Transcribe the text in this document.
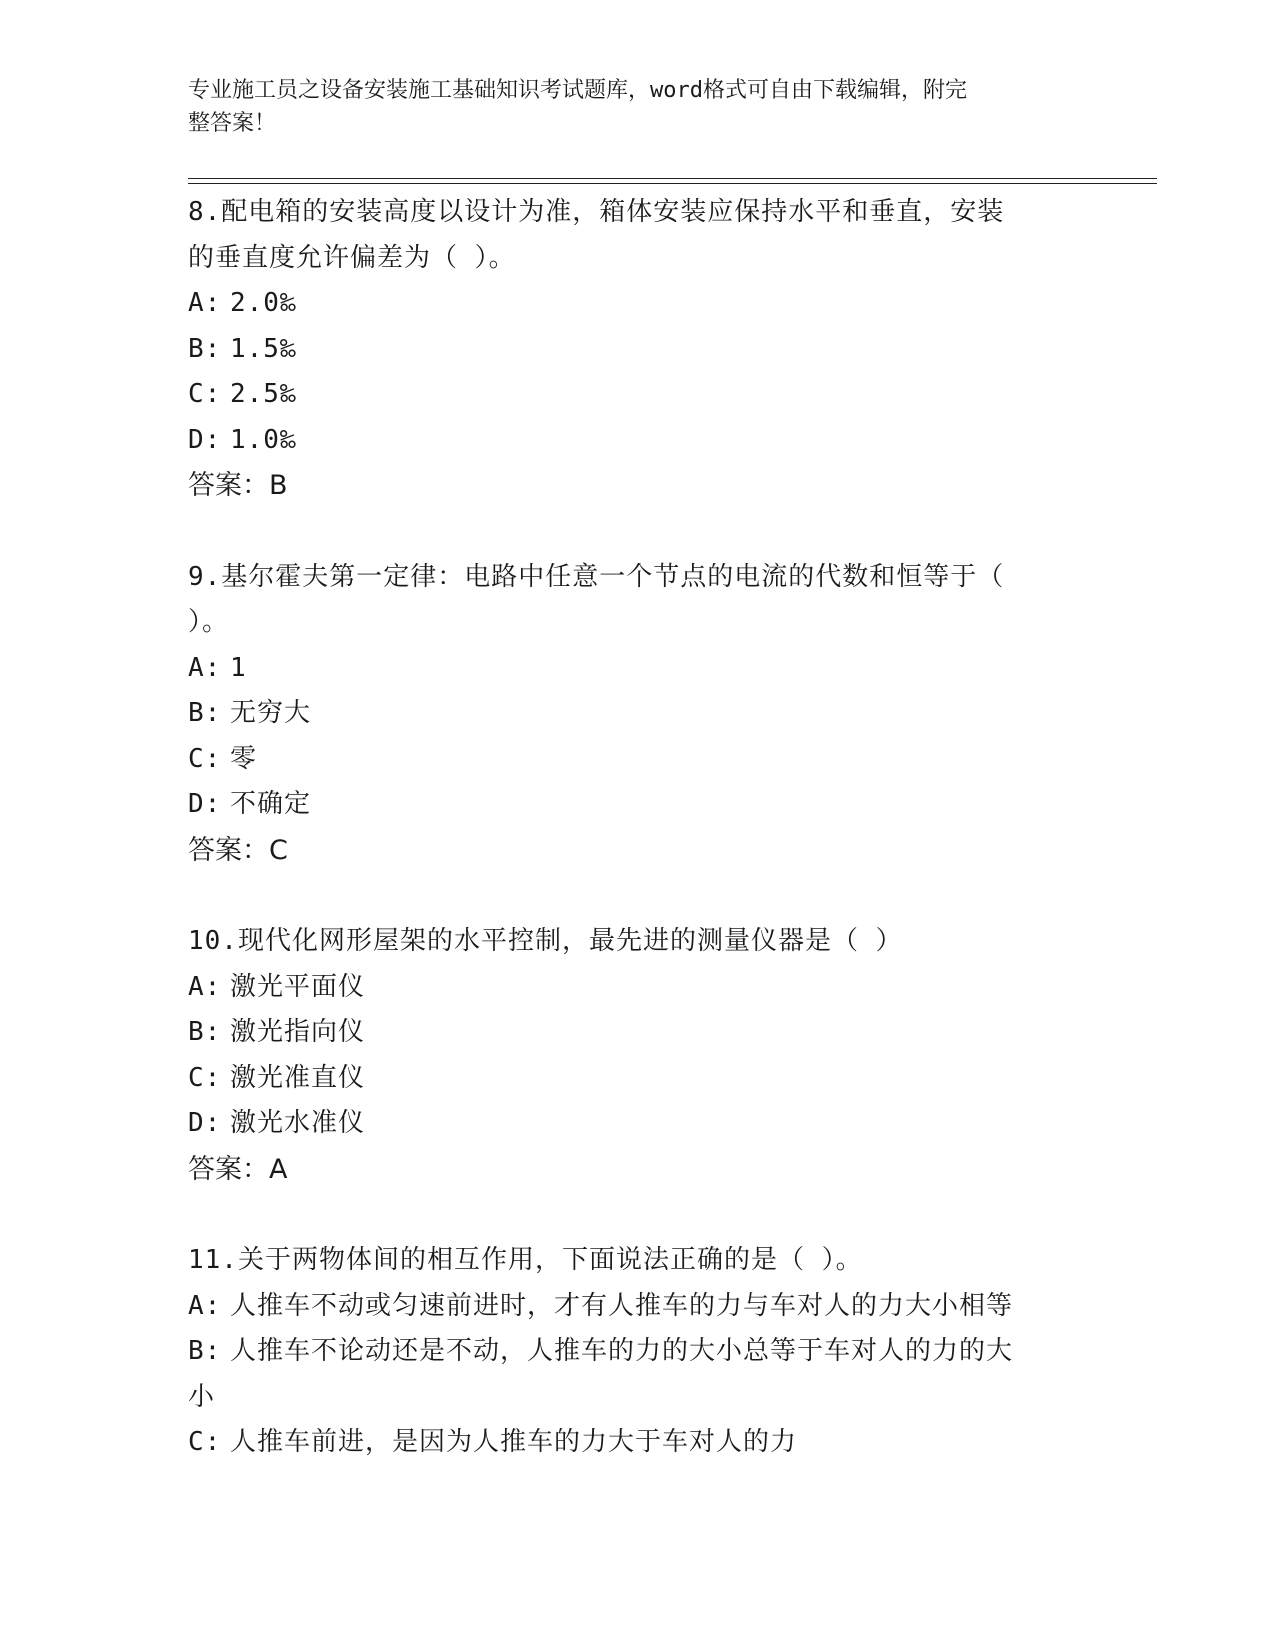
专业施工员之设备安装施工基础知识考试题库，word格式可自由下载编辑，附完
整答案！
8.配电箱的安装高度以设计为准，箱体安装应保持水平和垂直，安装
的垂直度允许偏差为（ ）。
A: 2.0‰
B: 1.5‰
C: 2.5‰
D: 1.0‰
答案：B
9.基尔霍夫第一定律：电路中任意一个节点的电流的代数和恒等于（
）。
A: 1
B: 无穷大
C: 零
D: 不确定
答案：C
10.现代化网形屋架的水平控制，最先进的测量仪器是（ ）
A: 激光平面仪
B: 激光指向仪
C: 激光准直仪
D: 激光水准仪
答案：A
11.关于两物体间的相互作用，下面说法正确的是（ ）。
A: 人推车不动或匀速前进时，才有人推车的力与车对人的力大小相等
B: 人推车不论动还是不动，人推车的力的大小总等于车对人的力的大
小
C: 人推车前进，是因为人推车的力大于车对人的力
